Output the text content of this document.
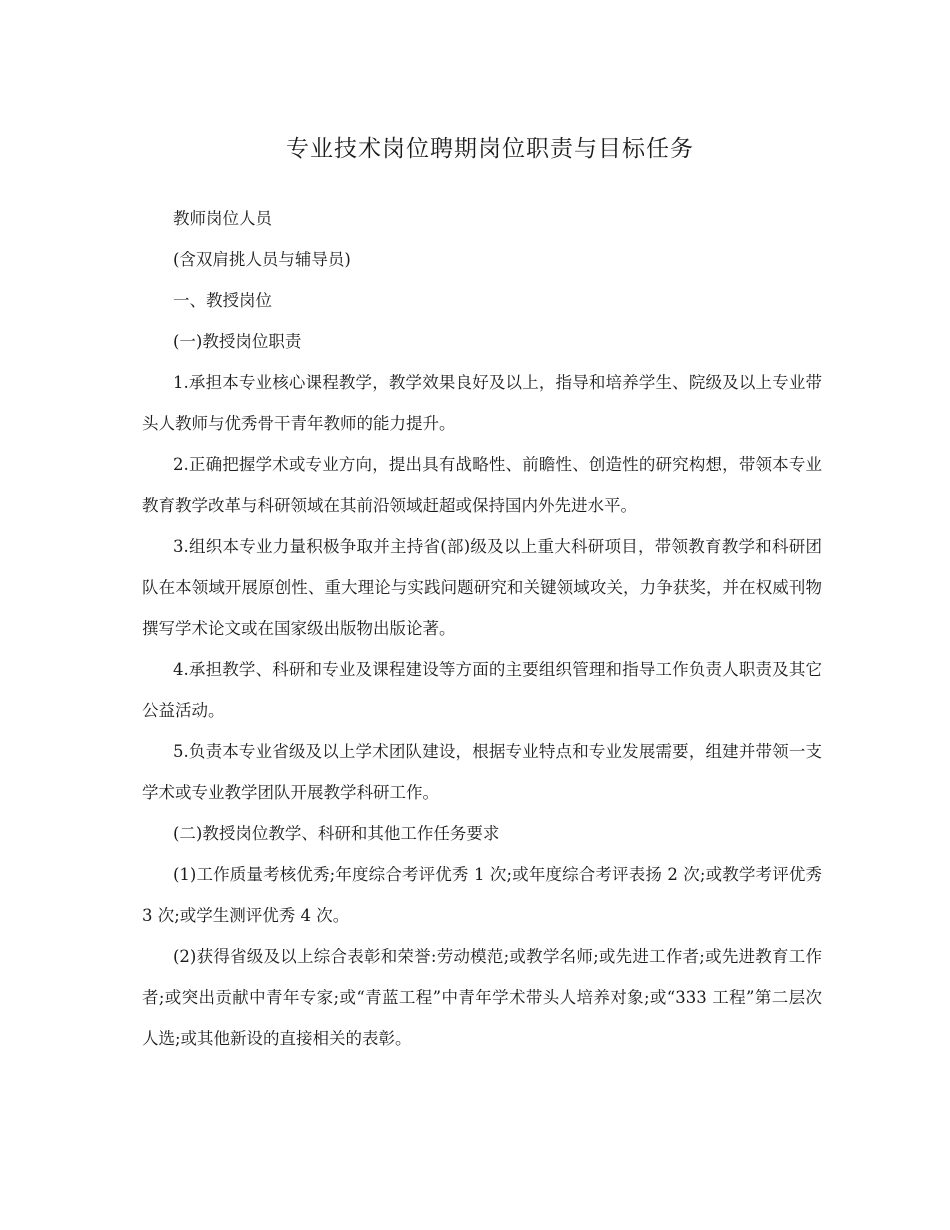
专业技术岗位聘期岗位职责与目标任务

教师岗位人员

(含双肩挑人员与辅导员)

一、教授岗位

(一)教授岗位职责

1.承担本专业核心课程教学，教学效果良好及以上，指导和培养学生、院级及以上专业带头人教师与优秀骨干青年教师的能力提升。

2.正确把握学术或专业方向，提出具有战略性、前瞻性、创造性的研究构想，带领本专业教育教学改革与科研领域在其前沿领域赶超或保持国内外先进水平。

3.组织本专业力量积极争取并主持省(部)级及以上重大科研项目，带领教育教学和科研团队在本领域开展原创性、重大理论与实践问题研究和关键领域攻关，力争获奖，并在权威刊物撰写学术论文或在国家级出版物出版论著。

4.承担教学、科研和专业及课程建设等方面的主要组织管理和指导工作负责人职责及其它公益活动。

5.负责本专业省级及以上学术团队建设，根据专业特点和专业发展需要，组建并带领一支学术或专业教学团队开展教学科研工作。

(二)教授岗位教学、科研和其他工作任务要求

(1)工作质量考核优秀;年度综合考评优秀 1 次;或年度综合考评表扬 2 次;或教学考评优秀 3 次;或学生测评优秀 4 次。

(2)获得省级及以上综合表彰和荣誉:劳动模范;或教学名师;或先进工作者;或先进教育工作者;或突出贡献中青年专家;或“青蓝工程”中青年学术带头人培养对象;或“333 工程”第二层次人选;或其他新设的直接相关的表彰。
